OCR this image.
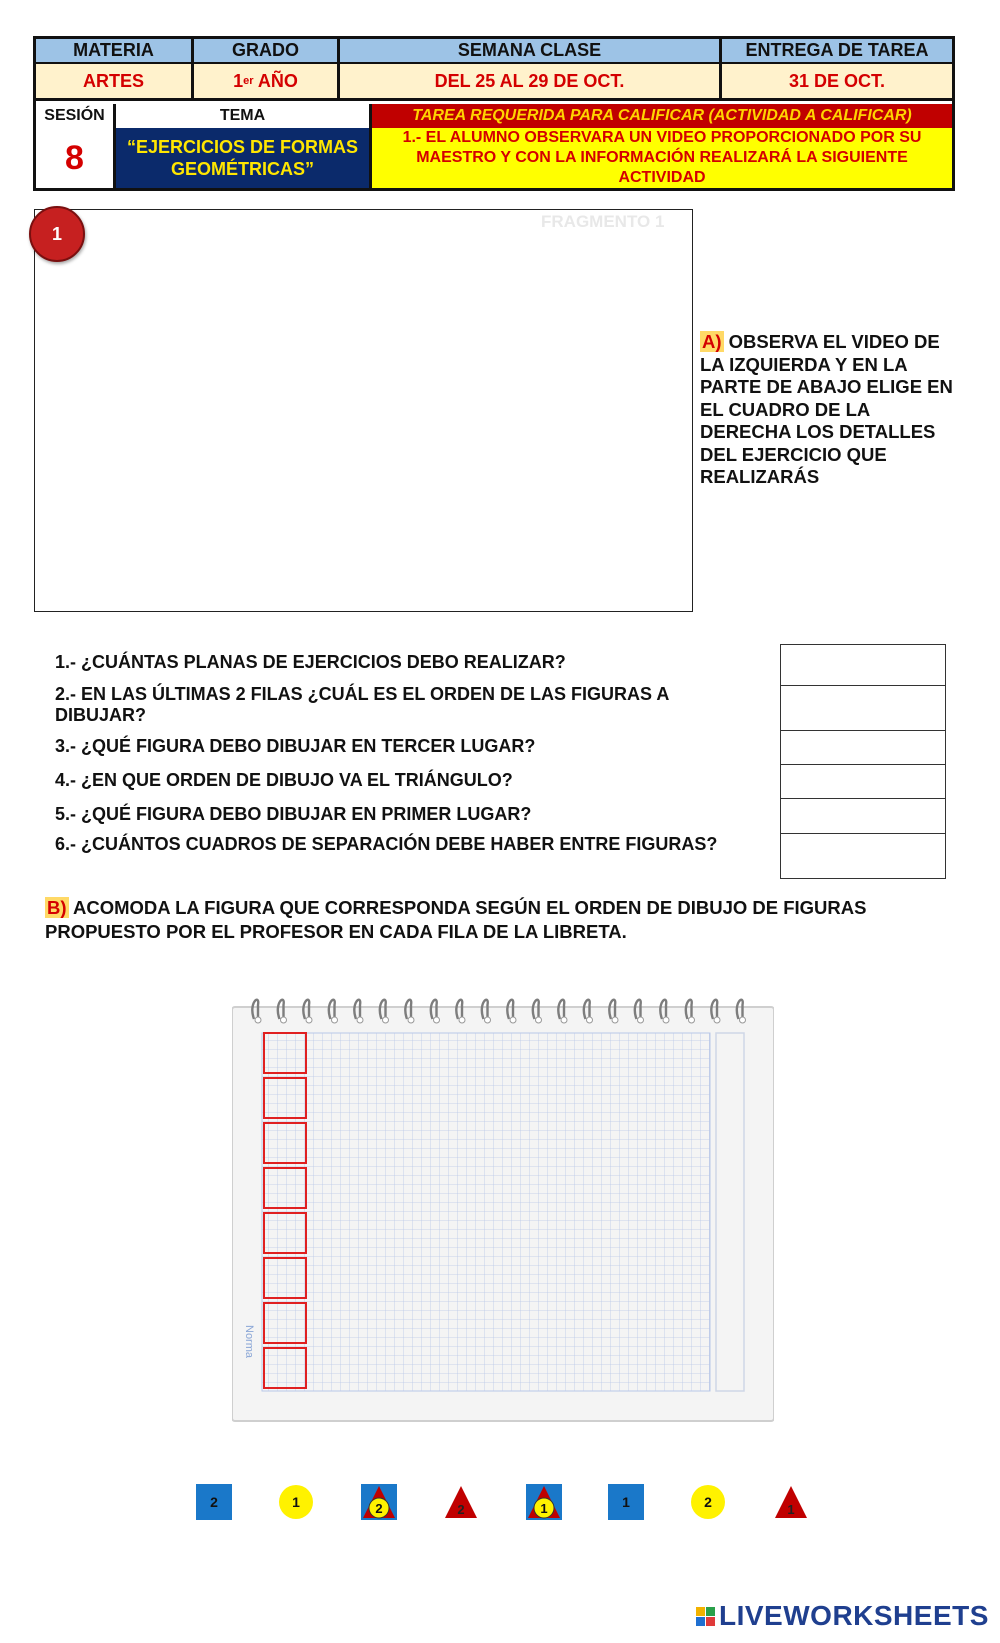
MATERIA	GRADO	SEMANA CLASE	ENTREGA DE TAREA
ARTES	1 er AÑO	DEL 25 AL 29 DE OCT.	31 DE OCT.
SESIÓN	TEMA	TAREA REQUERIDA PARA CALIFICAR (ACTIVIDAD A CALIFICAR)
8	“EJERCICIOS DE FORMAS GEOMÉTRICAS”
1.- EL ALUMNO OBSERVARA UN VIDEO PROPORCIONADO POR SU MAESTRO Y CON LA INFORMACIÓN REALIZARÁ LA SIGUIENTE ACTIVIDAD
FRAGMENTO 1
1
A) OBSERVA EL VIDEO DE LA IZQUIERDA Y EN LA PARTE DE ABAJO ELIGE EN EL CUADRO DE LA DERECHA LOS DETALLES DEL EJERCICIO QUE REALIZARÁS
1.- ¿CUÁNTAS PLANAS DE EJERCICIOS DEBO REALIZAR?
2.- EN LAS ÚLTIMAS 2 FILAS ¿CUÁL ES EL ORDEN DE LAS FIGURAS A DIBUJAR?
3.- ¿QUÉ FIGURA DEBO DIBUJAR EN TERCER LUGAR?
4.- ¿EN QUE ORDEN DE DIBUJO VA EL TRIÁNGULO?
5.- ¿QUÉ FIGURA DEBO DIBUJAR EN PRIMER LUGAR?
6.- ¿CUÁNTOS CUADROS DE SEPARACIÓN DEBE HABER ENTRE FIGURAS?
B) ACOMODA LA FIGURA QUE CORRESPONDA SEGÚN EL ORDEN DE DIBUJO DE FIGURAS PROPUESTO POR EL PROFESOR EN CADA FILA DE LA LIBRETA.
Norma
2	1	2	2	1	1	2	1
LIVEWORKSHEETS
